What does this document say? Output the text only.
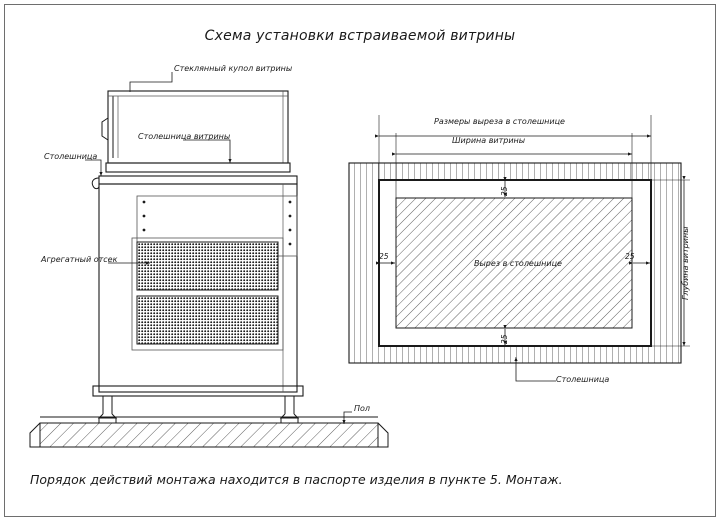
Схема установки встраиваемой витрины
Порядок действий монтажа находится в паспорте изделия в пункте 5. Монтаж.
Стеклянный купол витрины
Столешница витрины
Столешница
Агрегатный отсек
Пол
Размеры выреза в столешнице
Ширина витрины
Вырез в столешнице	Глубина витрины
Столешница
25
25
25	25
